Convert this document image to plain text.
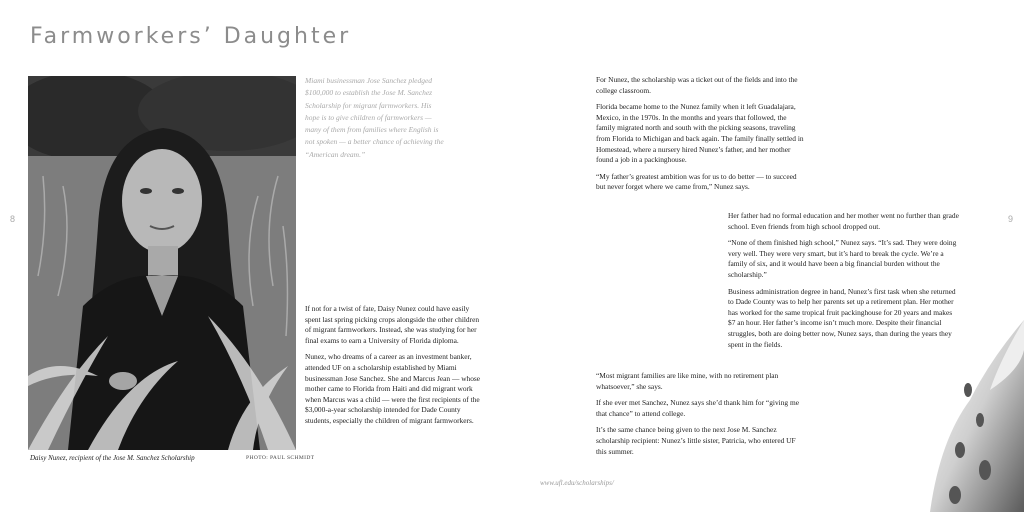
Farmworkers’ Daughter
8	9
Daisy Nunez, recipient of the Jose M. Sanchez Scholarship	PHOTO: PAUL SCHMIDT

Miami businessman Jose Sanchez pledged $100,000 to establish the Jose M. Sanchez Scholarship for migrant farmworkers. His hope is to give children of farmworkers — many of them from families where English is not spoken — a better chance of achieving the “American dream.”

If not for a twist of fate, Daisy Nunez could have easily spent last spring picking crops alongside the other children of migrant farmworkers. Instead, she was studying for her final exams to earn a University of Florida diploma.

Nunez, who dreams of a career as an investment banker, attended UF on a scholarship established by Miami businessman Jose Sanchez. She and Marcus Jean — whose mother came to Florida from Haiti and did migrant work when Marcus was a child — were the first recipients of the $3,000-a-year scholarship intended for Dade County students, especially the children of migrant farmworkers.

For Nunez, the scholarship was a ticket out of the fields and into the college classroom.

Florida became home to the Nunez family when it left Guadalajara, Mexico, in the 1970s. In the months and years that followed, the family migrated north and south with the picking seasons, traveling from Florida to Michigan and back again. The family finally settled in Homestead, where a nursery hired Nunez’s father, and her mother found a job in a packinghouse.

“My father’s greatest ambition was for us to do better — to succeed but never forget where we came from,” Nunez says.

Her father had no formal education and her mother went no further than grade school. Even friends from high school dropped out.

“None of them finished high school,” Nunez says. “It’s sad. They were doing very well. They were very smart, but it’s hard to break the cycle. We’re a family of six, and it would have been a big financial burden without the scholarship.”

Business administration degree in hand, Nunez’s first task when she returned to Dade County was to help her parents set up a retirement plan. Her mother has worked for the same tropical fruit packinghouse for 20 years and makes $7 an hour. Her father’s income isn’t much more. Despite their financial struggles, both are doing better now, Nunez says, than during the years they spent in the fields.

“Most migrant families are like mine, with no retirement plan whatsoever,” she says.

If she ever met Sanchez, Nunez says she’d thank him for “giving me that chance” to attend college.

It’s the same chance being given to the next Jose M. Sanchez scholarship recipient: Nunez’s little sister, Patricia, who entered UF this summer.

www.ufl.edu/scholarships/
